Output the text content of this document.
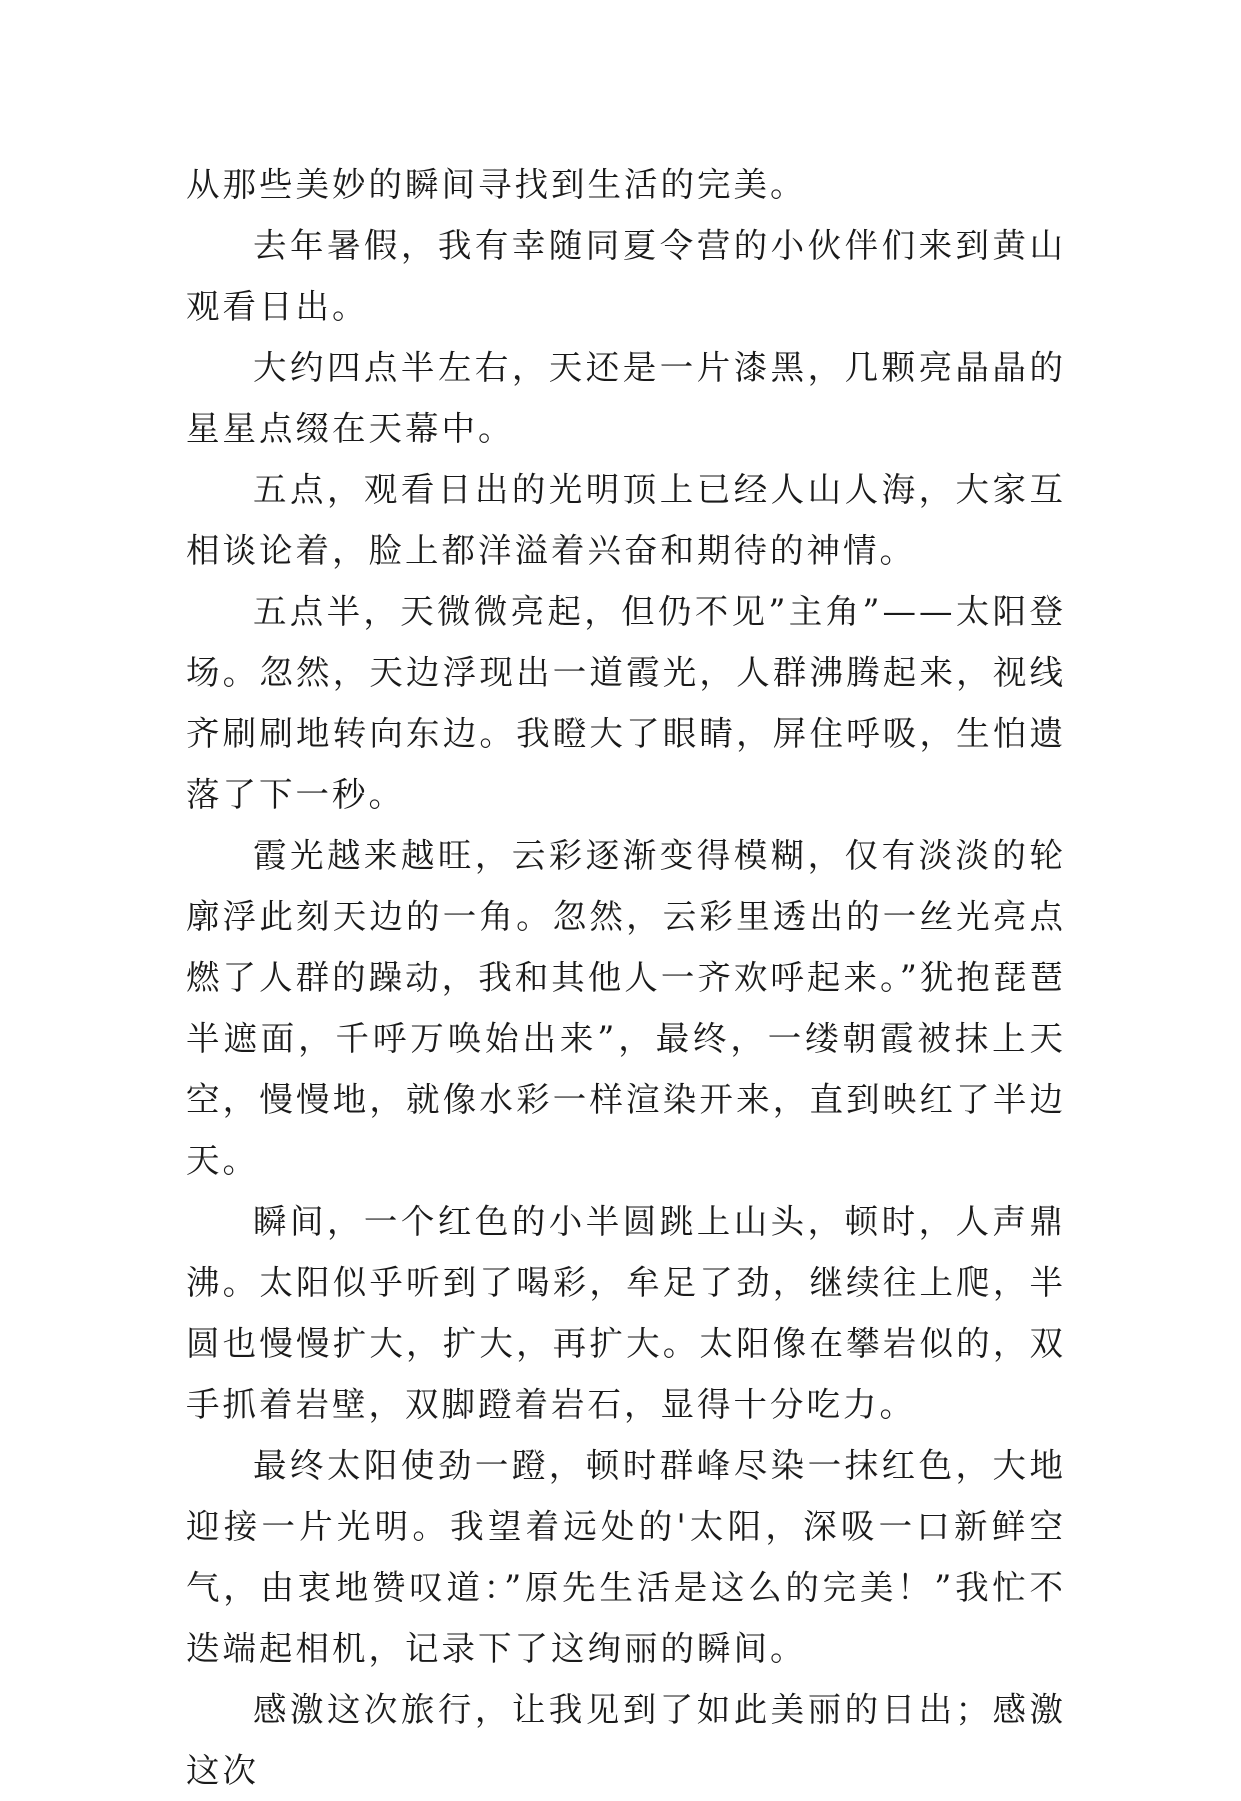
从那些美妙的瞬间寻找到生活的完美。

去年暑假，我有幸随同夏令营的小伙伴们来到黄山观看日出。

大约四点半左右，天还是一片漆黑，几颗亮晶晶的星星点缀在天幕中。

五点，观看日出的光明顶上已经人山人海，大家互相谈论着，脸上都洋溢着兴奋和期待的神情。

五点半，天微微亮起，但仍不见”主角”——太阳登场。忽然，天边浮现出一道霞光，人群沸腾起来，视线齐刷刷地转向东边。我瞪大了眼睛，屏住呼吸，生怕遗落了下一秒。

霞光越来越旺，云彩逐渐变得模糊，仅有淡淡的轮廓浮此刻天边的一角。忽然，云彩里透出的一丝光亮点燃了人群的躁动，我和其他人一齐欢呼起来。”犹抱琵琶半遮面，千呼万唤始出来”，最终，一缕朝霞被抹上天空，慢慢地，就像水彩一样渲染开来，直到映红了半边天。

瞬间，一个红色的小半圆跳上山头，顿时，人声鼎沸。太阳似乎听到了喝彩，牟足了劲，继续往上爬，半圆也慢慢扩大，扩大，再扩大。太阳像在攀岩似的，双手抓着岩壁，双脚蹬着岩石，显得十分吃力。

最终太阳使劲一蹬，顿时群峰尽染一抹红色，大地迎接一片光明。我望着远处的'太阳，深吸一口新鲜空气，由衷地赞叹道：”原先生活是这么的完美！”我忙不迭端起相机，记录下了这绚丽的瞬间。

感激这次旅行，让我见到了如此美丽的日出；感激这次
